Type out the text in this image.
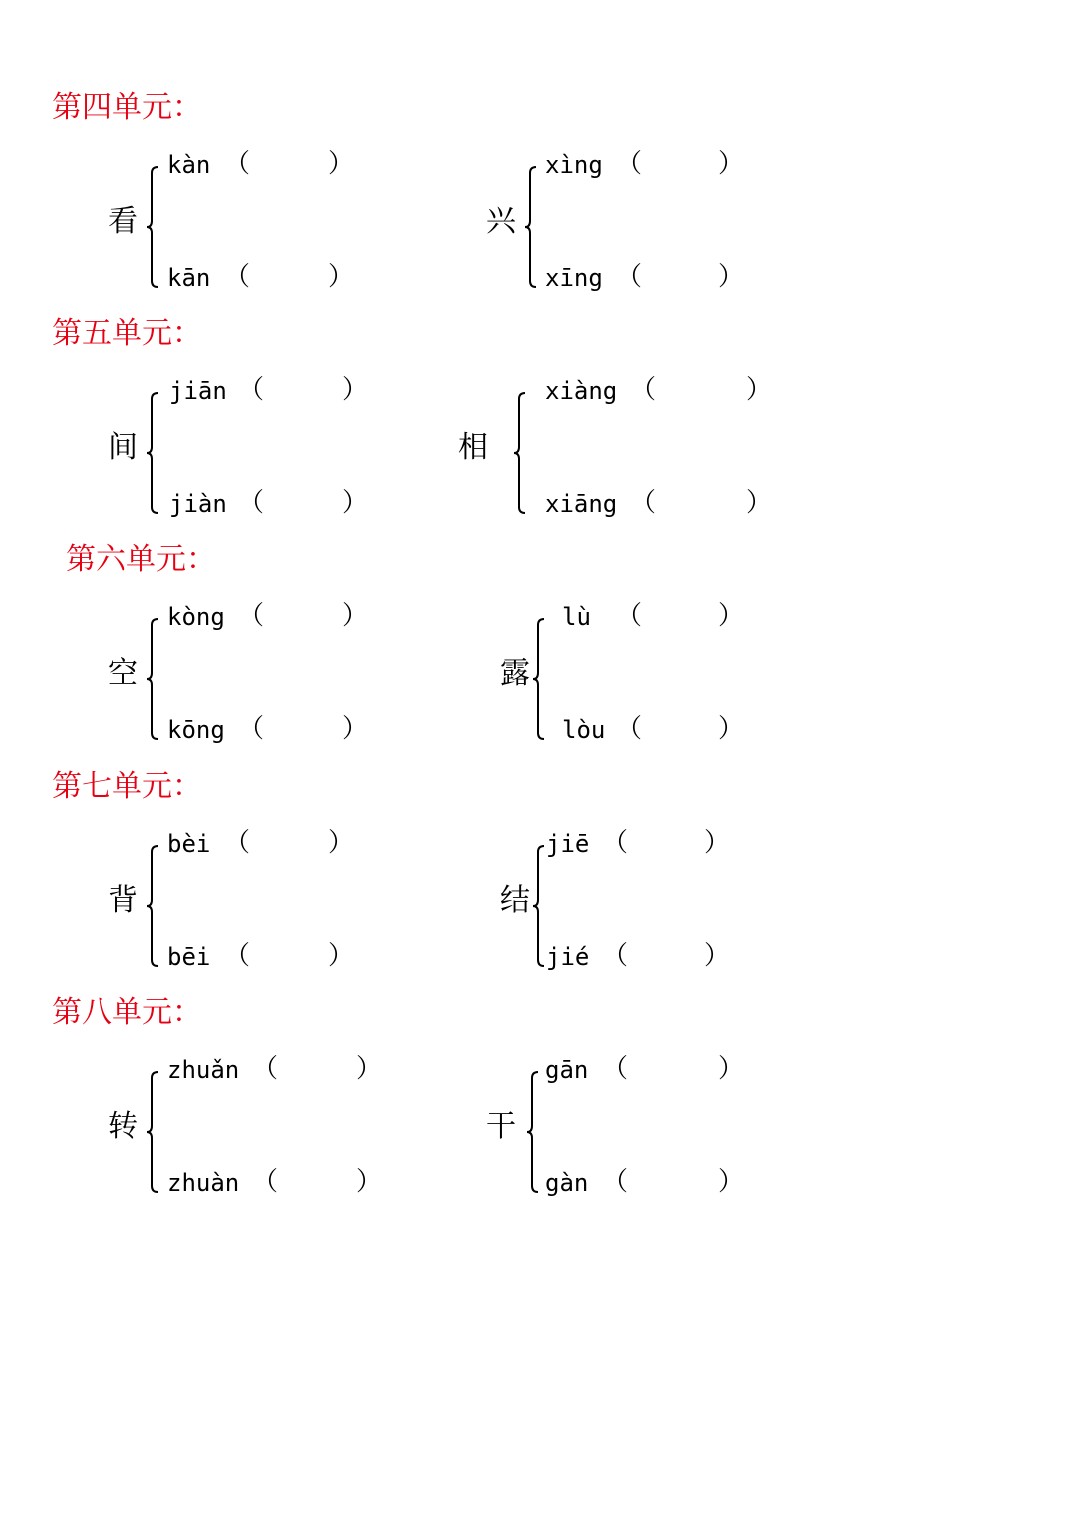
第四单元：
第五单元：
第六单元：
第七单元：
第八单元：
看
kàn （	）
kān （	）
兴
xìng （	）
xīng （	）
间
jiān （	）
jiàn （	）
相
xiàng （	）
xiāng （	）
空
kòng （	）
kōng （	）
露
lù （	）
lòu （	）
背
bèi （	）
bēi （	）
结
jiē （	）
jié （	）
转
zhuǎn （	）
zhuàn （	）
干
gān （	）
gàn （	）
